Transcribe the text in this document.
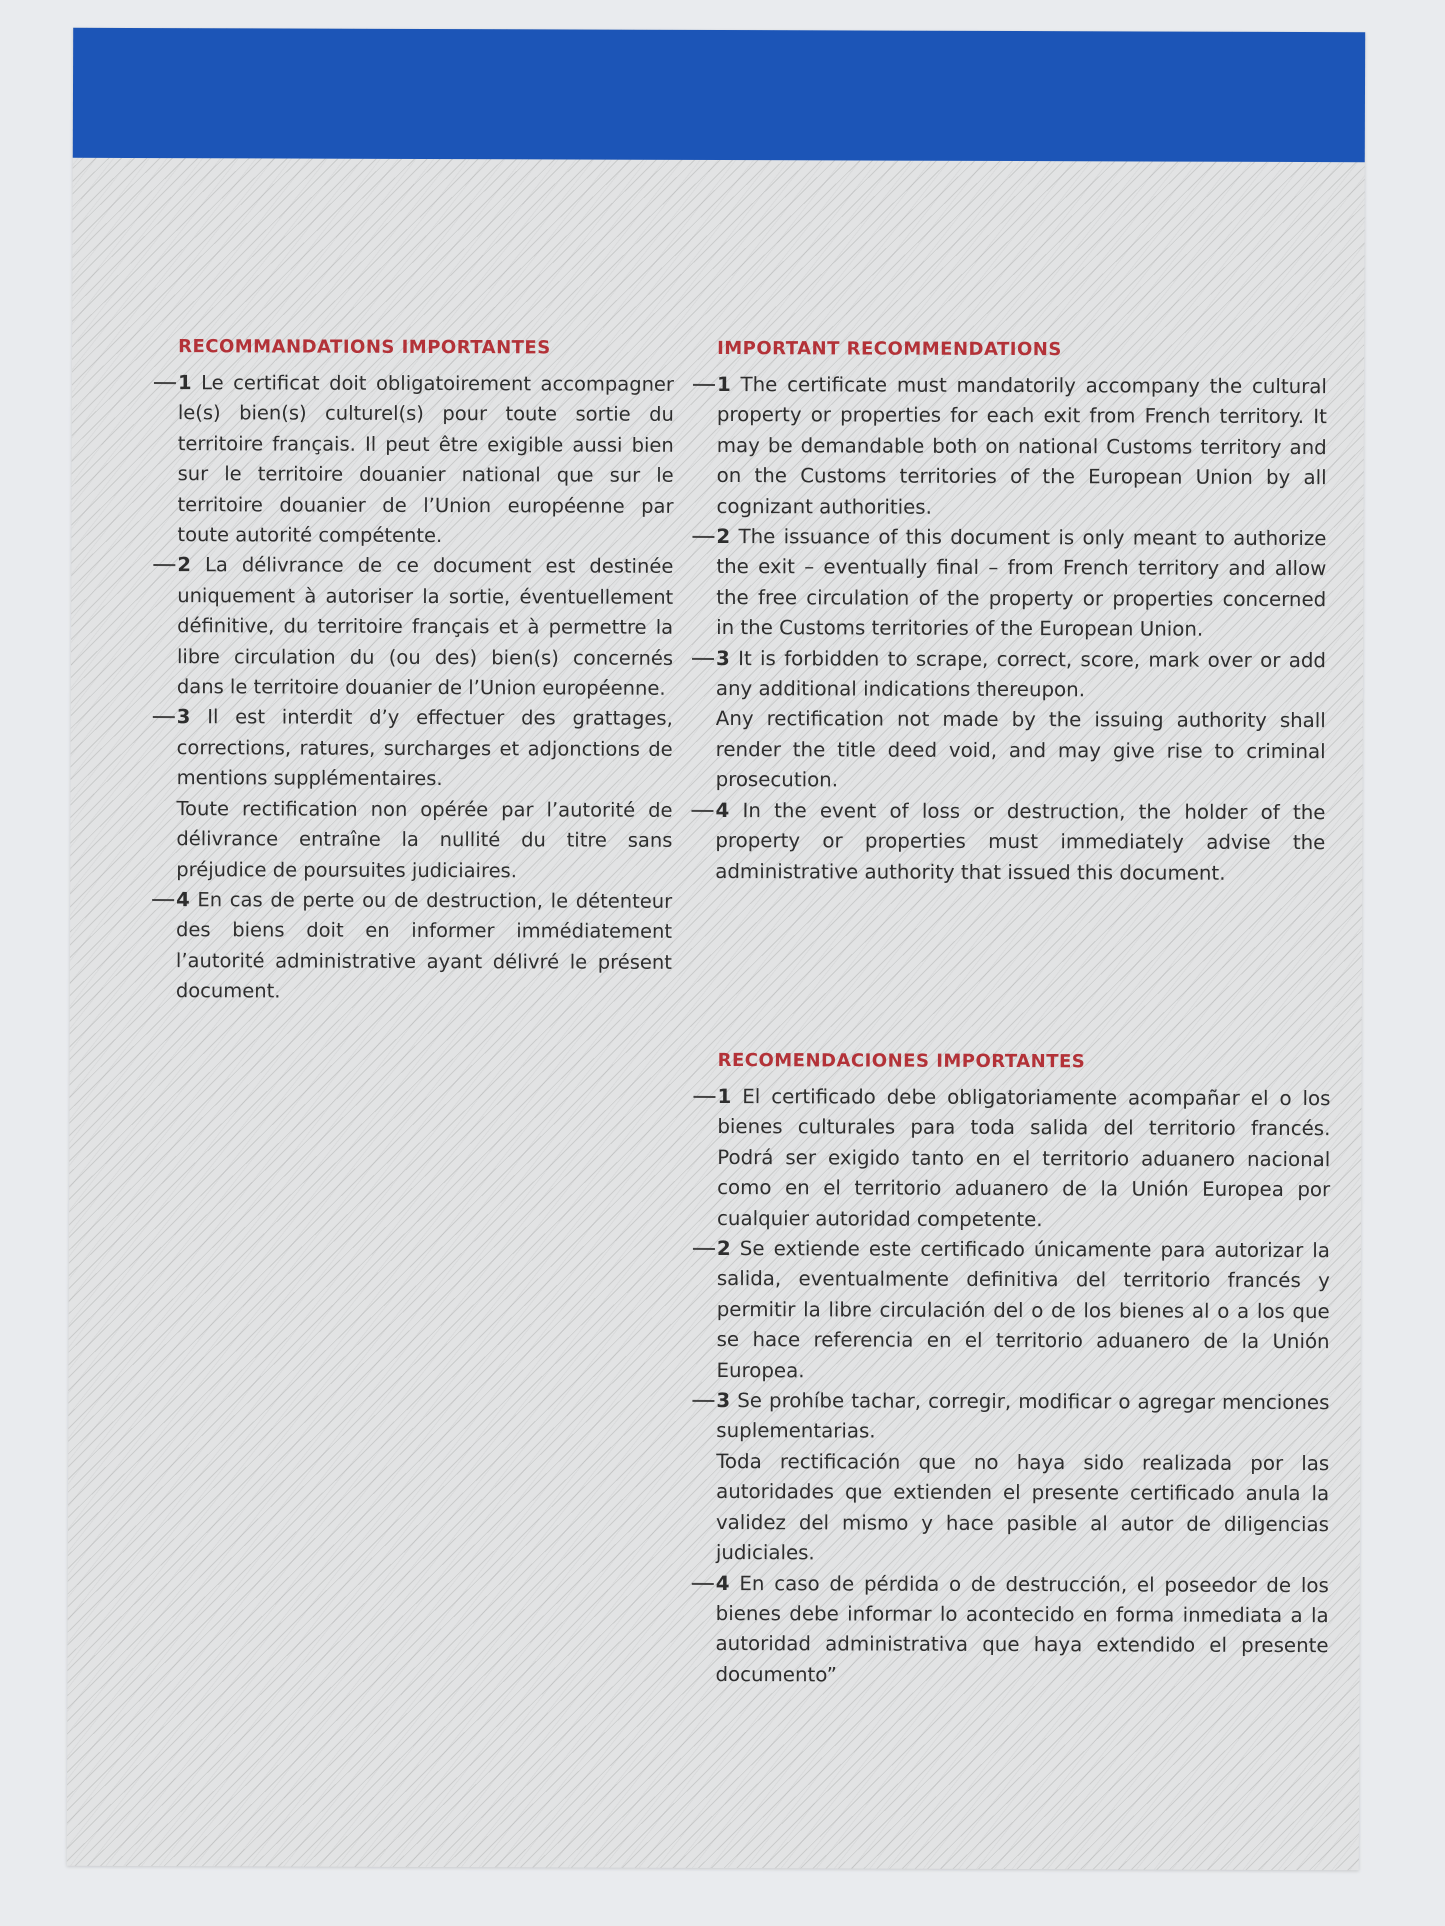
RECOMMANDATIONS IMPORTANTES

1 Le certificat doit obligatoirement accompagner le(s) bien(s) culturel(s) pour toute sortie du territoire français. Il peut être exigible aussi bien sur le territoire douanier national que sur le territoire douanier de l’Union européenne par toute autorité compétente.

2 La délivrance de ce document est destinée uniquement à autoriser la sortie, éventuellement définitive, du territoire français et à permettre la libre circulation du (ou des) bien(s) concernés dans le territoire douanier de l’Union européenne.

3 Il est interdit d’y effectuer des grattages, corrections, ratures, surcharges et adjonctions de mentions supplémentaires.
Toute rectification non opérée par l’autorité de délivrance entraîne la nullité du titre sans préjudice de poursuites judiciaires.

4 En cas de perte ou de destruction, le détenteur des biens doit en informer immédiatement l’autorité administrative ayant délivré le présent document.

IMPORTANT RECOMMENDATIONS

1 The certificate must mandatorily accompany the cultural property or properties for each exit from French territory. It may be demandable both on national Customs territory and on the Customs territories of the European Union by all cognizant authorities.

2 The issuance of this document is only meant to authorize the exit – eventually final – from French territory and allow the free circulation of the property or properties concerned in the Customs territories of the European Union.

3 It is forbidden to scrape, correct, score, mark over or add any additional indications thereupon.
Any rectification not made by the issuing authority shall render the title deed void, and may give rise to criminal prosecution.

4 In the event of loss or destruction, the holder of the property or properties must immediately advise the administrative authority that issued this document.

RECOMENDACIONES IMPORTANTES

1 El certificado debe obligatoriamente acompañar el o los bienes culturales para toda salida del territorio francés. Podrá ser exigido tanto en el territorio aduanero nacional como en el territorio aduanero de la Unión Europea por cualquier autoridad competente.

2 Se extiende este certificado únicamente para autorizar la salida, eventualmente definitiva del territorio francés y permitir la libre circulación del o de los bienes al o a los que se hace referencia en el territorio aduanero de la Unión Europea.

3 Se prohíbe tachar, corregir, modificar o agregar menciones suplementarias.
Toda rectificación que no haya sido realizada por las autoridades que extienden el presente certificado anula la validez del mismo y hace pasible al autor de diligencias judiciales.

4 En caso de pérdida o de destrucción, el poseedor de los bienes debe informar lo acontecido en forma inmediata a la autoridad administrativa que haya extendido el presente documento”
